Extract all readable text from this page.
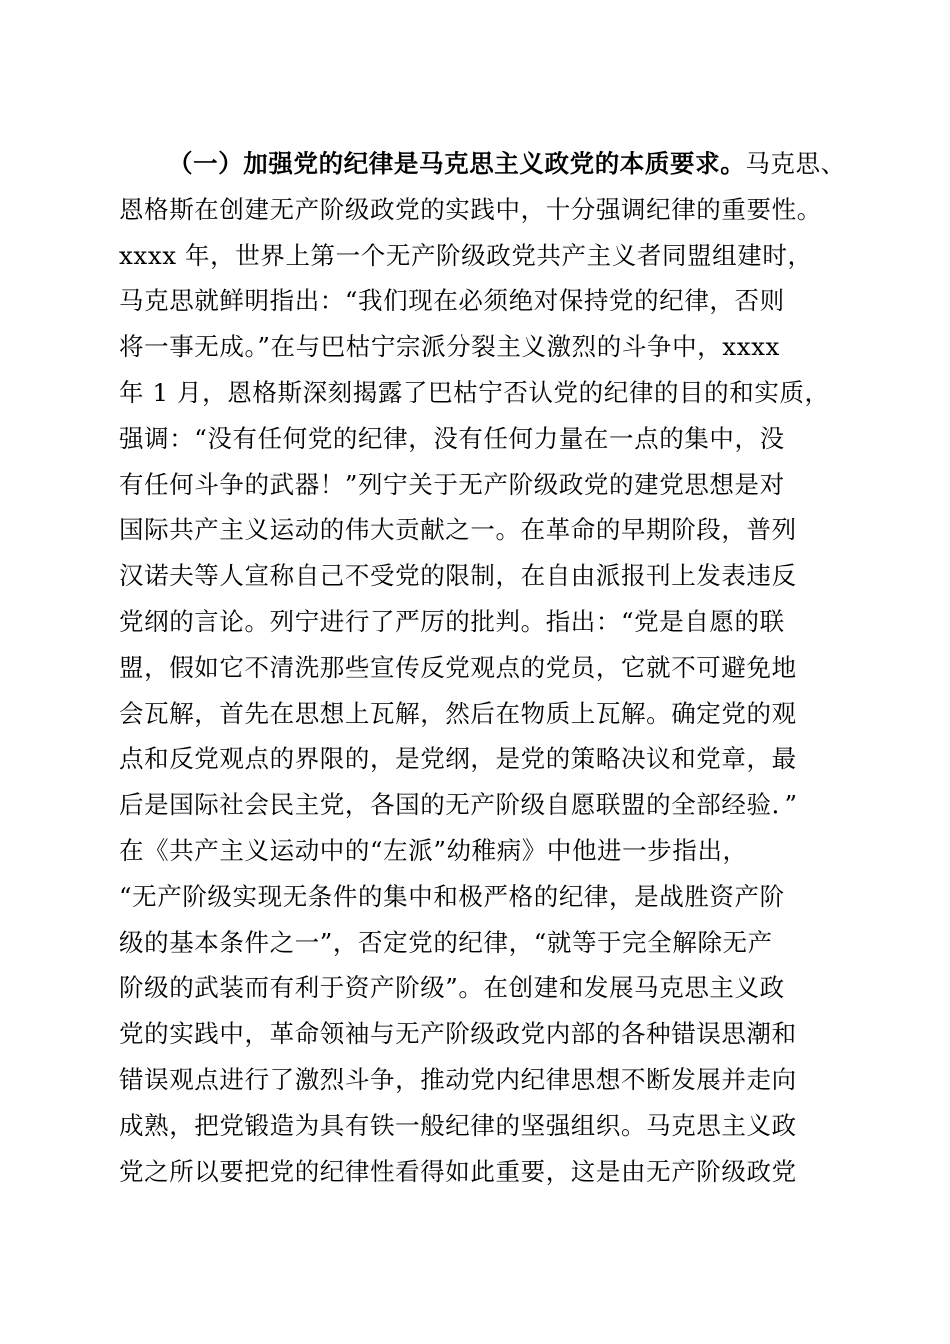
（一）加强党的纪律是马克思主义政党的本质要求。马克思、
恩格斯在创建无产阶级政党的实践中，十分强调纪律的重要性。
xxxx 年，世界上第一个无产阶级政党共产主义者同盟组建时，
马克思就鲜明指出：“我们现在必须绝对保持党的纪律，否则
将一事无成。”在与巴枯宁宗派分裂主义激烈的斗争中，xxxx
年 1 月，恩格斯深刻揭露了巴枯宁否认党的纪律的目的和实质，
强调：“没有任何党的纪律，没有任何力量在一点的集中，没
有任何斗争的武器！”列宁关于无产阶级政党的建党思想是对
国际共产主义运动的伟大贡献之一。在革命的早期阶段，普列
汉诺夫等人宣称自己不受党的限制，在自由派报刊上发表违反
党纲的言论。列宁进行了严厉的批判。指出：“党是自愿的联
盟，假如它不清洗那些宣传反党观点的党员，它就不可避免地
会瓦解，首先在思想上瓦解，然后在物质上瓦解。确定党的观
点和反党观点的界限的，是党纲，是党的策略决议和党章，最
后是国际社会民主党，各国的无产阶级自愿联盟的全部经验．”
在《共产主义运动中的“左派”幼稚病》中他进一步指出，
“无产阶级实现无条件的集中和极严格的纪律，是战胜资产阶
级的基本条件之一”，否定党的纪律，“就等于完全解除无产
阶级的武装而有利于资产阶级”。在创建和发展马克思主义政
党的实践中，革命领袖与无产阶级政党内部的各种错误思潮和
错误观点进行了激烈斗争，推动党内纪律思想不断发展并走向
成熟，把党锻造为具有铁一般纪律的坚强组织。马克思主义政
党之所以要把党的纪律性看得如此重要，这是由无产阶级政党
